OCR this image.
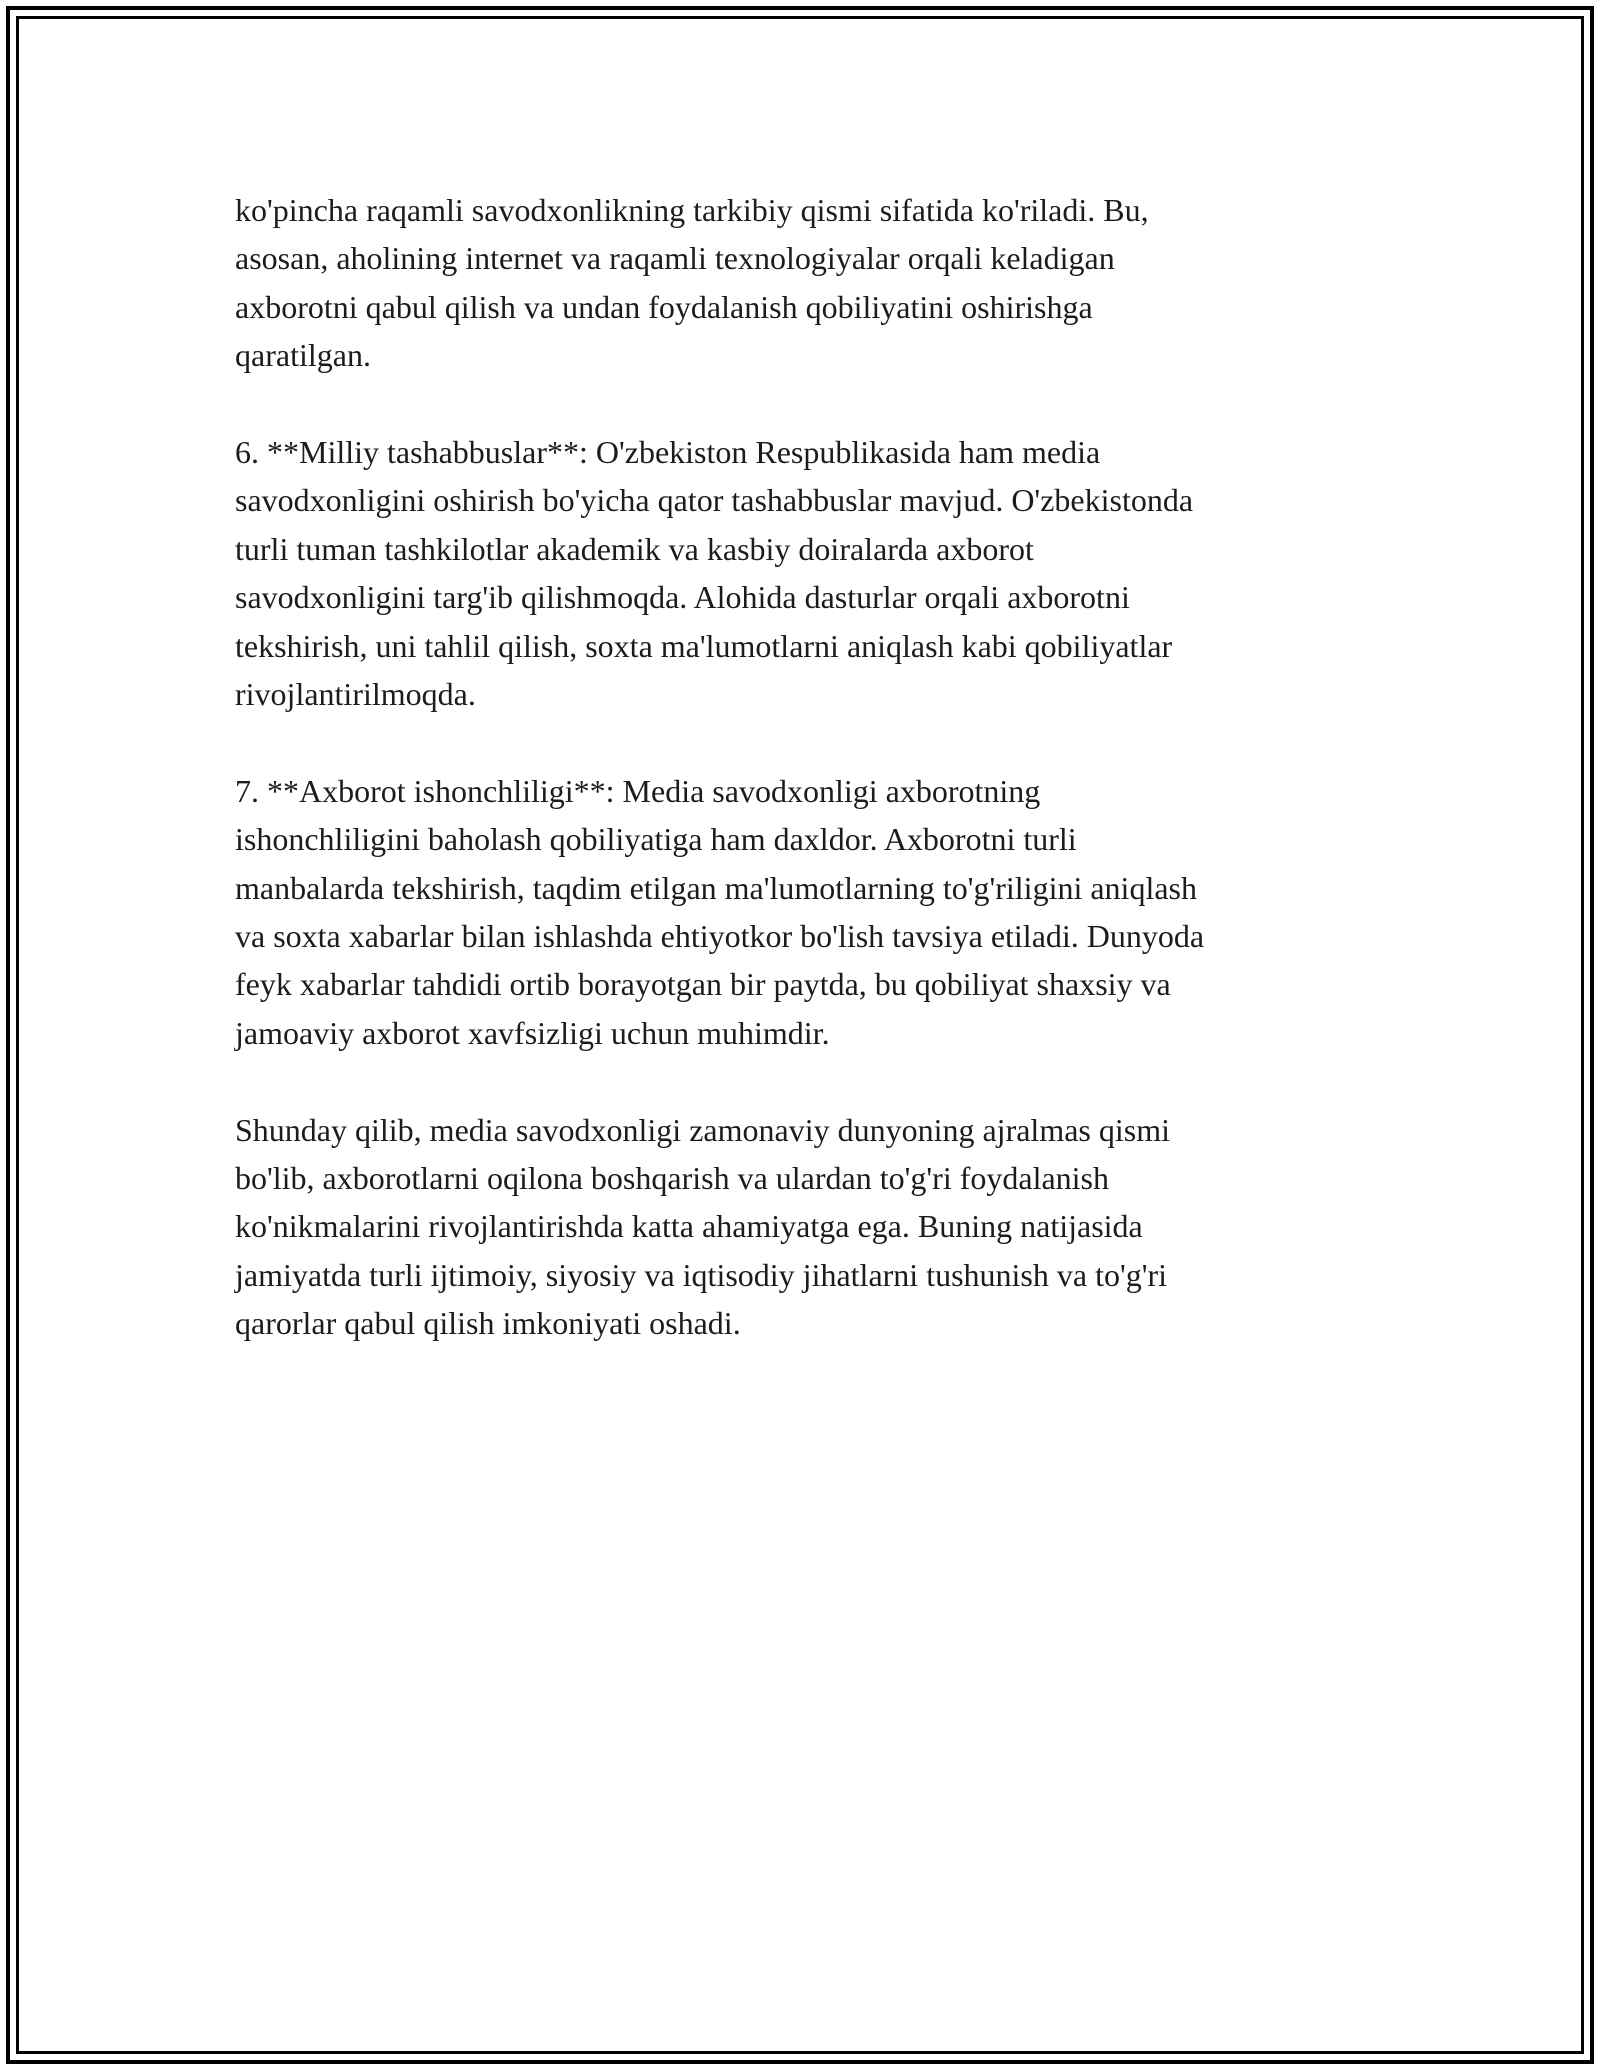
ko'pincha raqamli savodxonlikning tarkibiy qismi sifatida ko'riladi. Bu,
asosan, aholining internet va raqamli texnologiyalar orqali keladigan
axborotni qabul qilish va undan foydalanish qobiliyatini oshirishga
qaratilgan.

6. **Milliy tashabbuslar**: O'zbekiston Respublikasida ham media
savodxonligini oshirish bo'yicha qator tashabbuslar mavjud. O'zbekistonda
turli tuman tashkilotlar akademik va kasbiy doiralarda axborot
savodxonligini targ'ib qilishmoqda. Alohida dasturlar orqali axborotni
tekshirish, uni tahlil qilish, soxta ma'lumotlarni aniqlash kabi qobiliyatlar
rivojlantirilmoqda.

7. **Axborot ishonchliligi**: Media savodxonligi axborotning
ishonchliligini baholash qobiliyatiga ham daxldor. Axborotni turli
manbalarda tekshirish, taqdim etilgan ma'lumotlarning to'g'riligini aniqlash
va soxta xabarlar bilan ishlashda ehtiyotkor bo'lish tavsiya etiladi. Dunyoda
feyk xabarlar tahdidi ortib borayotgan bir paytda, bu qobiliyat shaxsiy va
jamoaviy axborot xavfsizligi uchun muhimdir.

Shunday qilib, media savodxonligi zamonaviy dunyoning ajralmas qismi
bo'lib, axborotlarni oqilona boshqarish va ulardan to'g'ri foydalanish
ko'nikmalarini rivojlantirishda katta ahamiyatga ega. Buning natijasida
jamiyatda turli ijtimoiy, siyosiy va iqtisodiy jihatlarni tushunish va to'g'ri
qarorlar qabul qilish imkoniyati oshadi.
